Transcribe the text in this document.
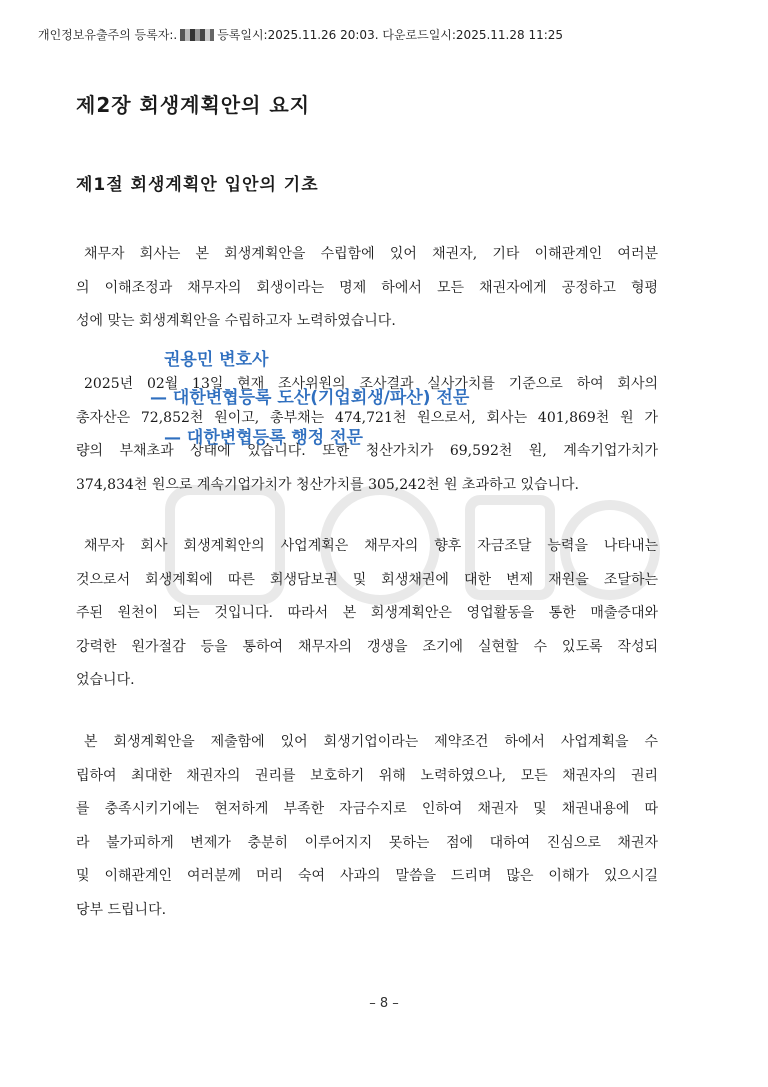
개인정보유출주의 등록자:.	등록일시:2025.11.26 20:03. 다운로드일시:2025.11.28 11:25
제2장 회생계획안의 요지
제1절 회생계획안 입안의 기초
채무자 회사는 본 회생계획안을 수립함에 있어 채권자, 기타 이해관계인 여러분
의 이해조정과 채무자의 회생이라는 명제 하에서 모든 채권자에게 공정하고 형평
성에 맞는 회생계획안을 수립하고자 노력하였습니다.
2025년 02월 13일 현재 조사위원의 조사결과 실사가치를 기준으로 하여 회사의
총자산은 72,852천 원이고, 총부채는 474,721천 원으로서, 회사는 401,869천 원 가
량의 부채초과 상태에 있습니다. 또한 청산가치가 69,592천 원, 계속기업가치가
374,834천 원으로 계속기업가치가 청산가치를 305,242천 원 초과하고 있습니다.
채무자 회사 회생계획안의 사업계획은 채무자의 향후 자금조달 능력을 나타내는
것으로서 회생계획에 따른 회생담보권 및 회생채권에 대한 변제 재원을 조달하는
주된 원천이 되는 것입니다. 따라서 본 회생계획안은 영업활동을 통한 매출증대와
강력한 원가절감 등을 통하여 채무자의 갱생을 조기에 실현할 수 있도록 작성되
었습니다.
본 회생계획안을 제출함에 있어 회생기업이라는 제약조건 하에서 사업계획을 수
립하여 최대한 채권자의 권리를 보호하기 위해 노력하였으나, 모든 채권자의 권리
를 충족시키기에는 현저하게 부족한 자금수지로 인하여 채권자 및 채권내용에 따
라 불가피하게 변제가 충분히 이루어지지 못하는 점에 대하여 진심으로 채권자
및 이해관계인 여러분께 머리 숙여 사과의 말씀을 드리며 많은 이해가 있으시길
당부 드립니다.
권용민 변호사
— 대한변협등록 도산(기업회생/파산) 전문
— 대한변협등록 행정 전문
– 8 –
